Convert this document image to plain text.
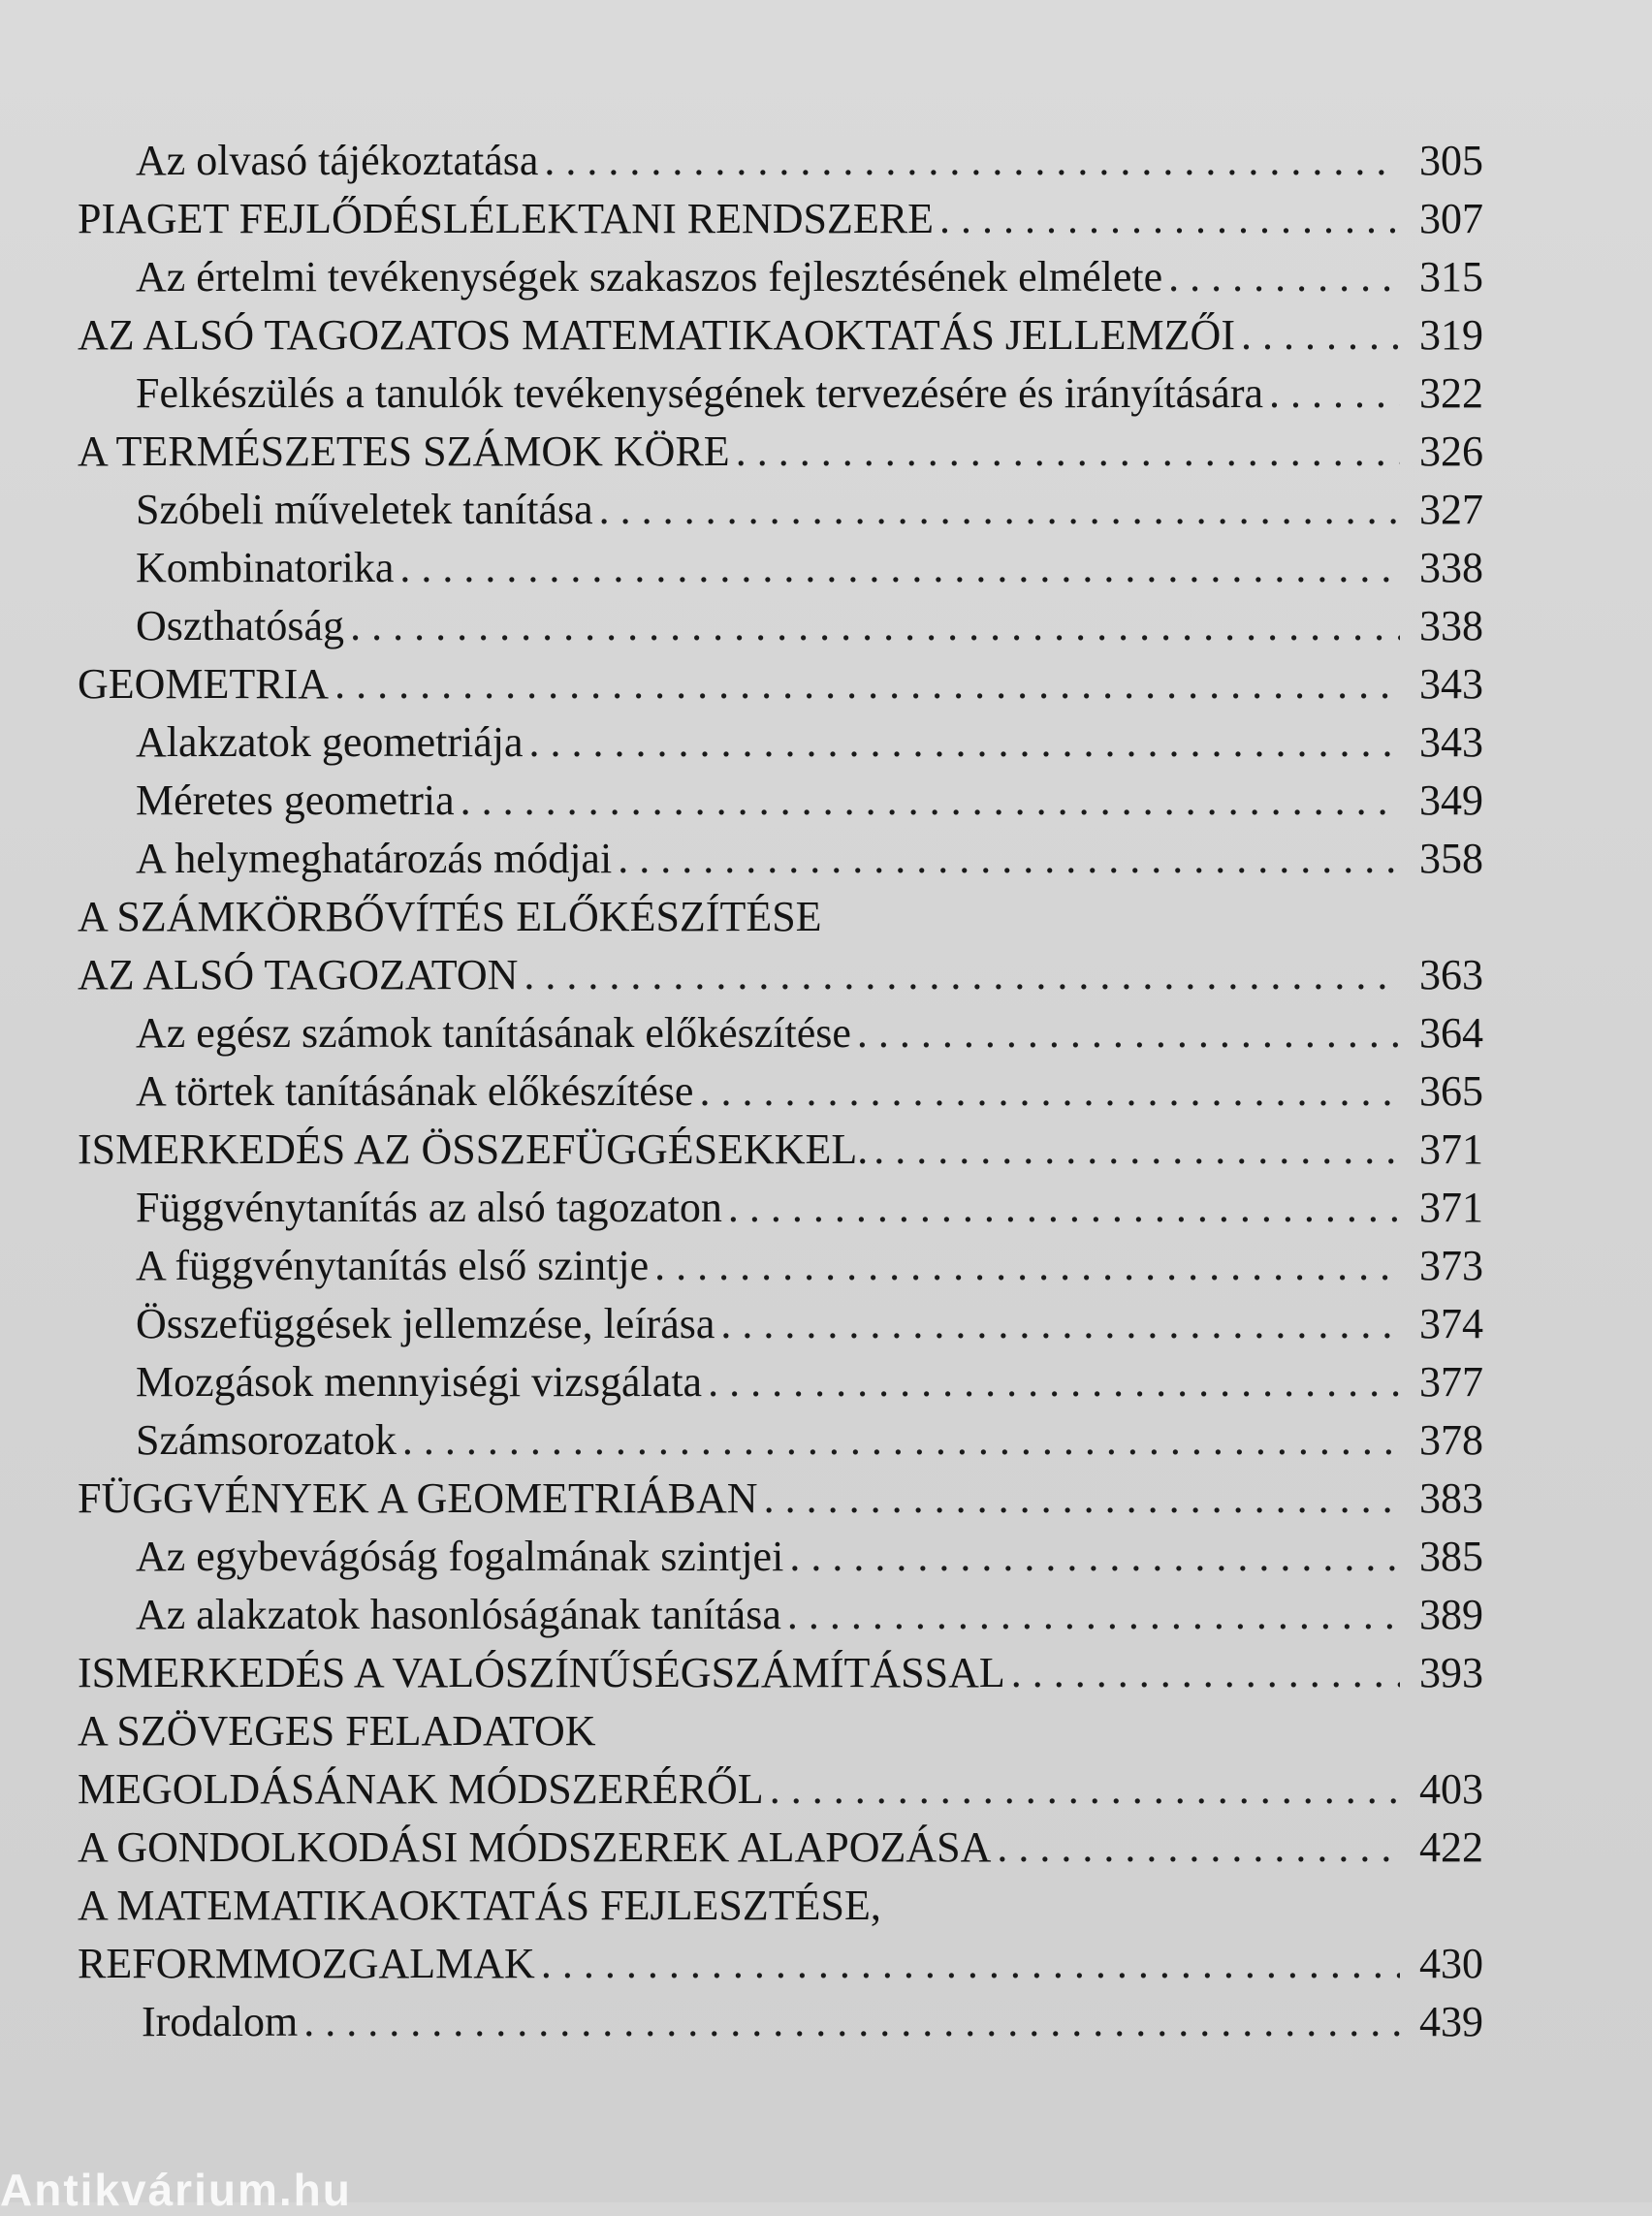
Az olvasó tájékoztatása . . .	305
PIAGET FEJLŐDÉSLÉLEKTANI RENDSZERE . . .	307
Az értelmi tevékenységek szakaszos fejlesztésének elmélete . . .	315
AZ ALSÓ TAGOZATOS MATEMATIKAOKTATÁS JELLEMZŐI . . .	319
Felkészülés a tanulók tevékenységének tervezésére és irányítására . . .	322
A TERMÉSZETES SZÁMOK KÖRE . . .	326
Szóbeli műveletek tanítása . . .	327
Kombinatorika . . .	338
Oszthatóság . . .	338
GEOMETRIA . . .	343
Alakzatok geometriája . . .	343
Méretes geometria . . .	349
A helymeghatározás módjai . . .	358
A SZÁMKÖRBŐVÍTÉS ELŐKÉSZÍTÉSE
AZ ALSÓ TAGOZATON . . .	363
Az egész számok tanításának előkészítése . . .	364
A törtek tanításának előkészítése . . .	365
ISMERKEDÉS AZ ÖSSZEFÜGGÉSEKKEL. . . .	371
Függvénytanítás az alsó tagozaton . . .	371
A függvénytanítás első szintje . . .	373
Összefüggések jellemzése, leírása . . .	374
Mozgások mennyiségi vizsgálata . . .	377
Számsorozatok . . .	378
FÜGGVÉNYEK A GEOMETRIÁBAN . . .	383
Az egybevágóság fogalmának szintjei . . .	385
Az alakzatok hasonlóságának tanítása . . .	389
ISMERKEDÉS A VALÓSZÍNŰSÉGSZÁMÍTÁSSAL . . .	393
A SZÖVEGES FELADATOK
MEGOLDÁSÁNAK MÓDSZERÉRŐL . . .	403
A GONDOLKODÁSI MÓDSZEREK ALAPOZÁSA . . .	422
A MATEMATIKAOKTATÁS FEJLESZTÉSE,
REFORMMOZGALMAK . . .	430
Irodalom . . .	439
Antikvárium.hu
